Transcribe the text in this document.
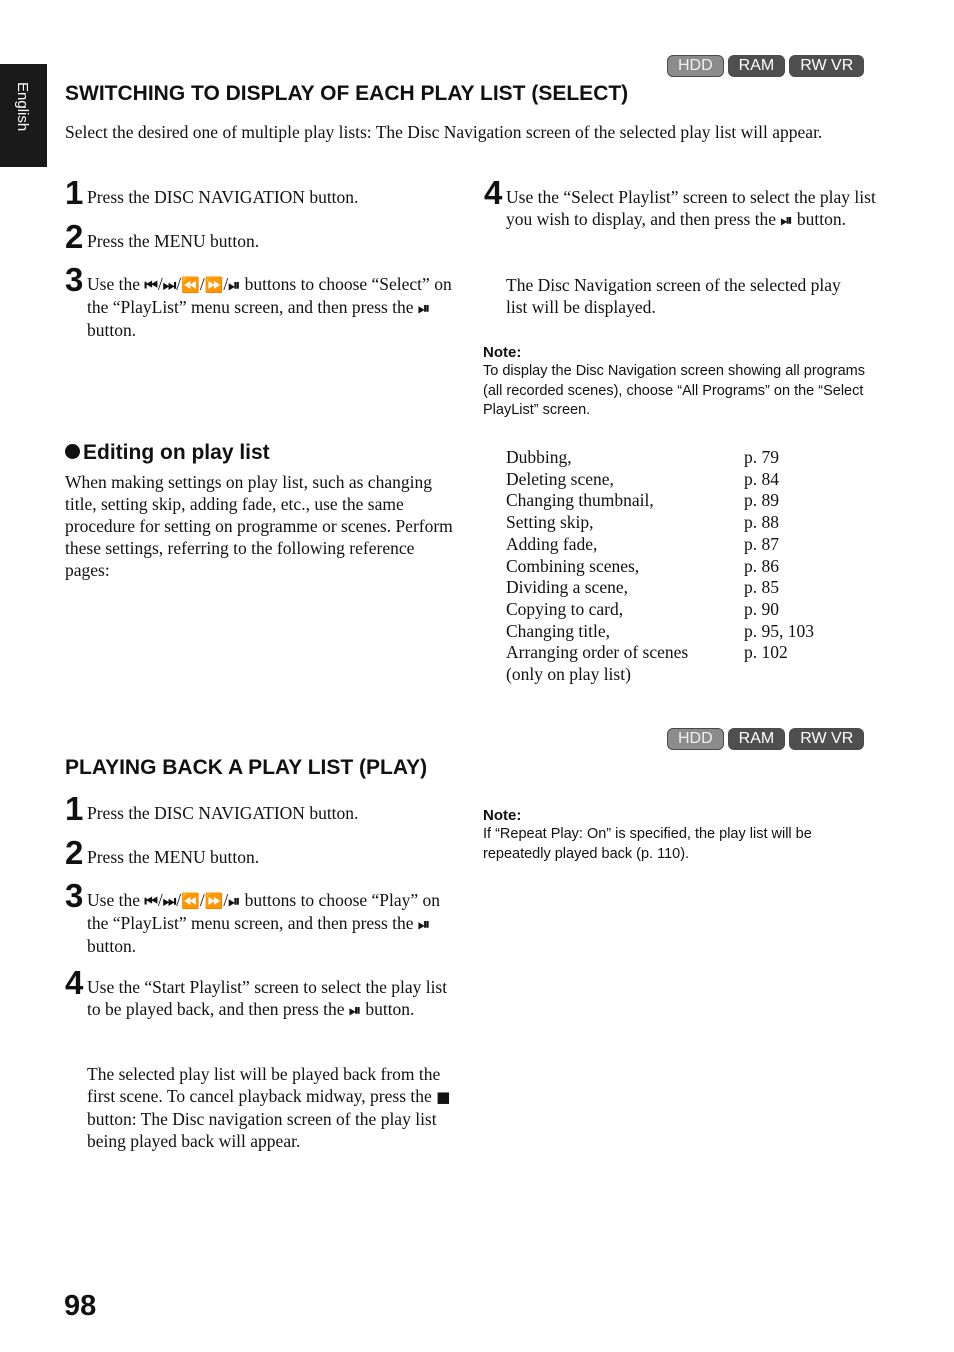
English
HDD	RAM	RW VR
SWITCHING TO DISPLAY OF EACH PLAY LIST (SELECT)
Select the desired one of multiple play lists: The Disc Navigation screen of the selected play list will appear.
1 Press the DISC NAVIGATION button.
2 Press the MENU button.
3 Use the ⏮/⏭/⏪/⏩/⏯ buttons to choose “Select” on the “PlayList” menu screen, and then press the ⏯ button.
4 Use the “Select Playlist” screen to select the play list you wish to display, and then press the ⏯ button.
The Disc Navigation screen of the selected play list will be displayed.
Note:
To display the Disc Navigation screen showing all programs (all recorded scenes), choose “All Programs” on the “Select PlayList” screen.
Editing on play list
When making settings on play list, such as changing title, setting skip, adding fade, etc., use the same procedure for setting on programme or scenes. Perform these settings, referring to the following reference pages:
Dubbing,	p. 79
Deleting scene,	p. 84
Changing thumbnail,	p. 89
Setting skip,	p. 88
Adding fade,	p. 87
Combining scenes,	p. 86
Dividing a scene,	p. 85
Copying to card,	p. 90
Changing title,	p. 95, 103
Arranging order of scenes	p. 102
(only on play list)
HDD	RAM	RW VR
PLAYING BACK A PLAY LIST (PLAY)
1 Press the DISC NAVIGATION button.
2 Press the MENU button.
3 Use the ⏮/⏭/⏪/⏩/⏯ buttons to choose “Play” on the “PlayList” menu screen, and then press the ⏯ button.
4 Use the “Start Playlist” screen to select the play list to be played back, and then press the ⏯ button.
The selected play list will be played back from the first scene. To cancel playback midway, press the ■ button: The Disc navigation screen of the play list being played back will appear.
Note:
If “Repeat Play: On” is specified, the play list will be repeatedly played back (p. 110).
98
